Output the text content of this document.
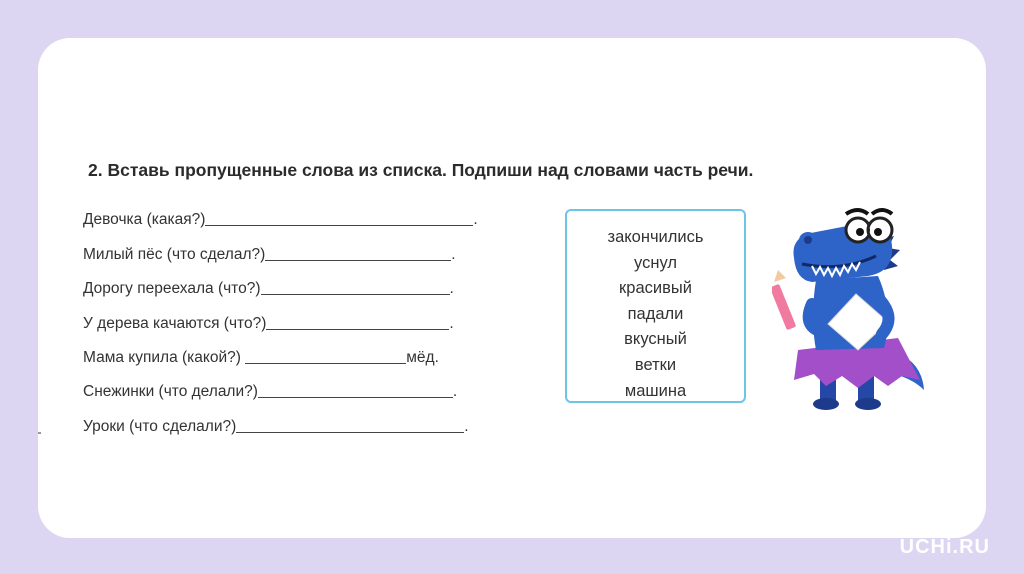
2. Вставь пропущенные слова из списка. Подпиши над словами часть речи.
Девочка (какая?)	.
Милый пёс (что сделал?)	.
Дорогу переехала (что?)	.
У дерева качаются (что?)	.
Мама купила (какой?)	мёд.
Снежинки (что делали?)	.
Уроки (что сделали?)	.
закончились
уснул
красивый
падали
вкусный
ветки
машина
UCHi.RU
